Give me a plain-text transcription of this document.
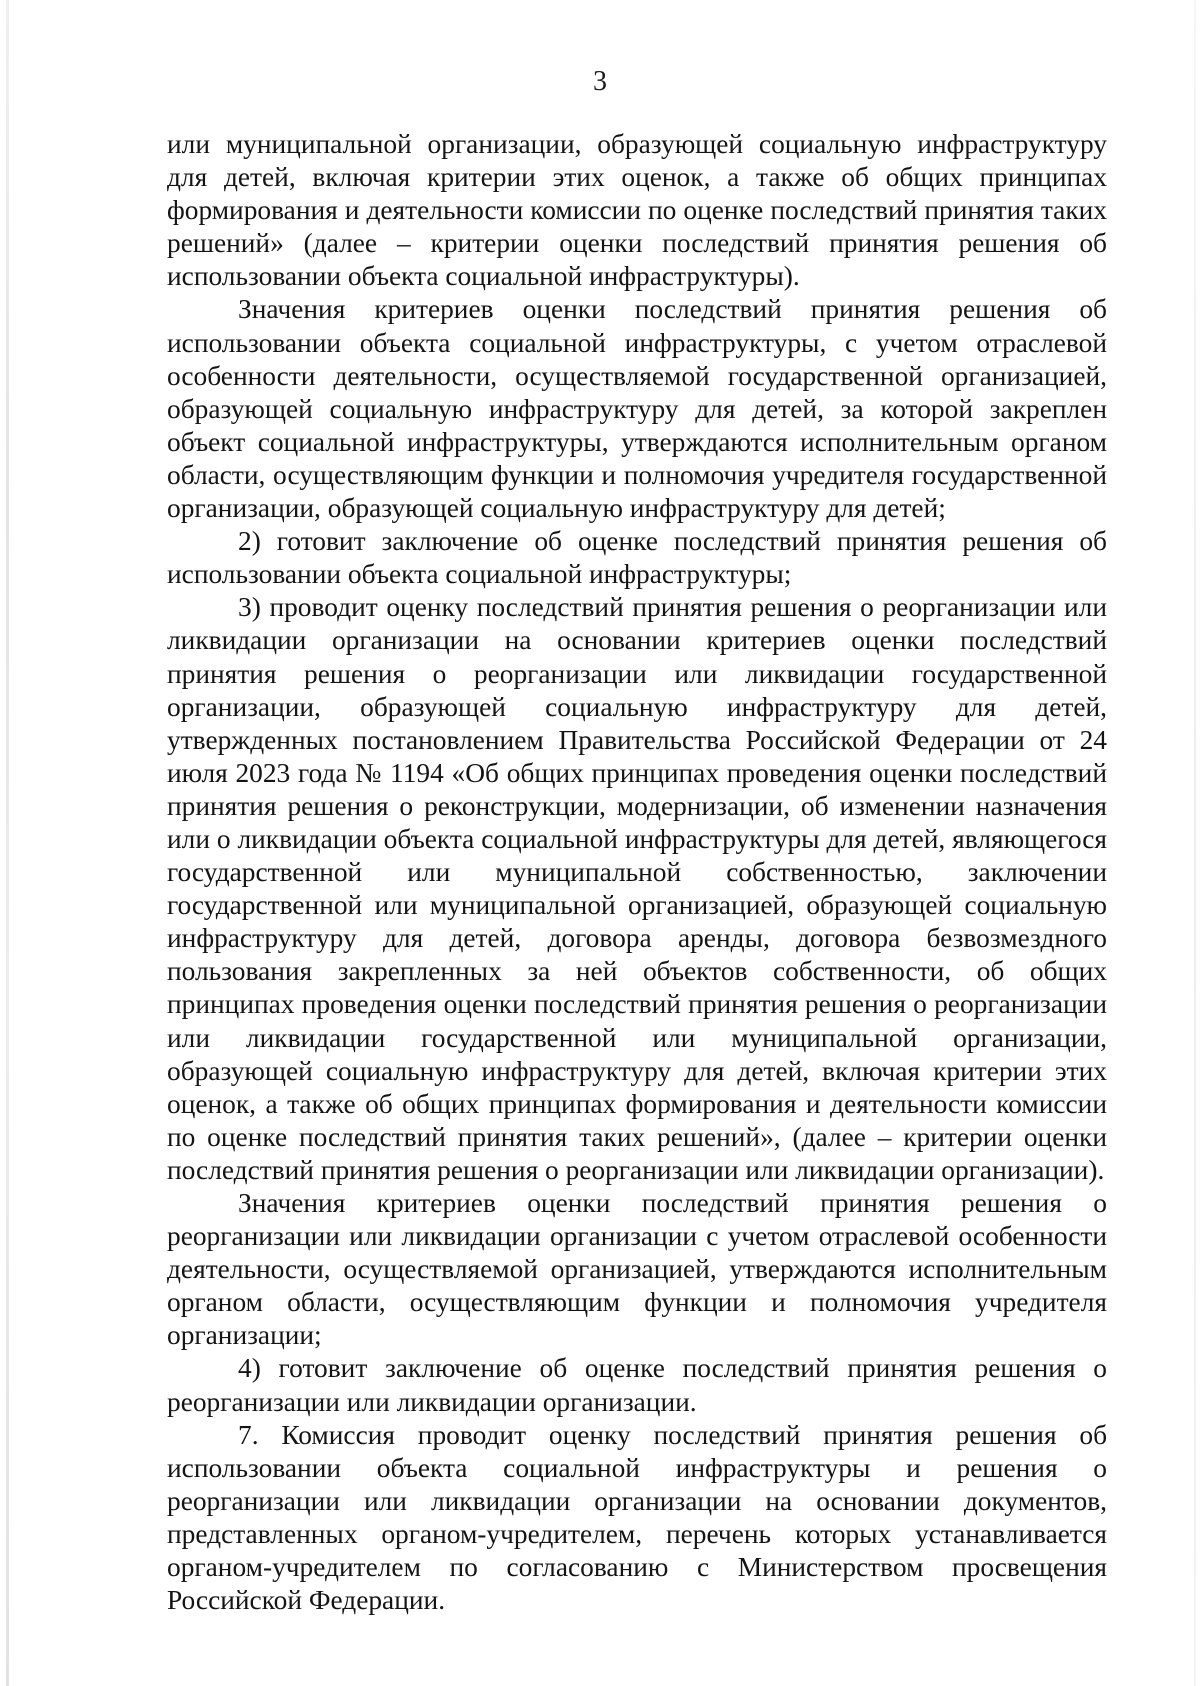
3

или муниципальной организации, образующей социальную инфраструктуру для детей, включая критерии этих оценок, а также об общих принципах формирования и деятельности комиссии по оценке последствий принятия таких решений» (далее – критерии оценки последствий принятия решения об использовании объекта социальной инфраструктуры).

Значения критериев оценки последствий принятия решения об использовании объекта социальной инфраструктуры, с учетом отраслевой особенности деятельности, осуществляемой государственной организацией, образующей социальную инфраструктуру для детей, за которой закреплен объект социальной инфраструктуры, утверждаются исполнительным органом области, осуществляющим функции и полномочия учредителя государственной организации, образующей социальную инфраструктуру для детей;

2) готовит заключение об оценке последствий принятия решения об использовании объекта социальной инфраструктуры;

3) проводит оценку последствий принятия решения о реорганизации или ликвидации организации на основании критериев оценки последствий принятия решения о реорганизации или ликвидации государственной организации, образующей социальную инфраструктуру для детей, утвержденных постановлением Правительства Российской Федерации от 24 июля 2023 года № 1194 «Об общих принципах проведения оценки последствий принятия решения о реконструкции, модернизации, об изменении назначения или о ликвидации объекта социальной инфраструктуры для детей, являющегося государственной или муниципальной собственностью, заключении государственной или муниципальной организацией, образующей социальную инфраструктуру для детей, договора аренды, договора безвозмездного пользования закрепленных за ней объектов собственности, об общих принципах проведения оценки последствий принятия решения о реорганизации или ликвидации государственной или муниципальной организации, образующей социальную инфраструктуру для детей, включая критерии этих оценок, а также об общих принципах формирования и деятельности комиссии по оценке последствий принятия таких решений», (далее – критерии оценки последствий принятия решения о реорганизации или ликвидации организации).

Значения критериев оценки последствий принятия решения о реорганизации или ликвидации организации с учетом отраслевой особенности деятельности, осуществляемой организацией, утверждаются исполнительным органом области, осуществляющим функции и полномочия учредителя организации;

4) готовит заключение об оценке последствий принятия решения о реорганизации или ликвидации организации.

7. Комиссия проводит оценку последствий принятия решения об использовании объекта социальной инфраструктуры и решения о реорганизации или ликвидации организации на основании документов, представленных органом-учредителем, перечень которых устанавливается органом-учредителем по согласованию с Министерством просвещения Российской Федерации.
